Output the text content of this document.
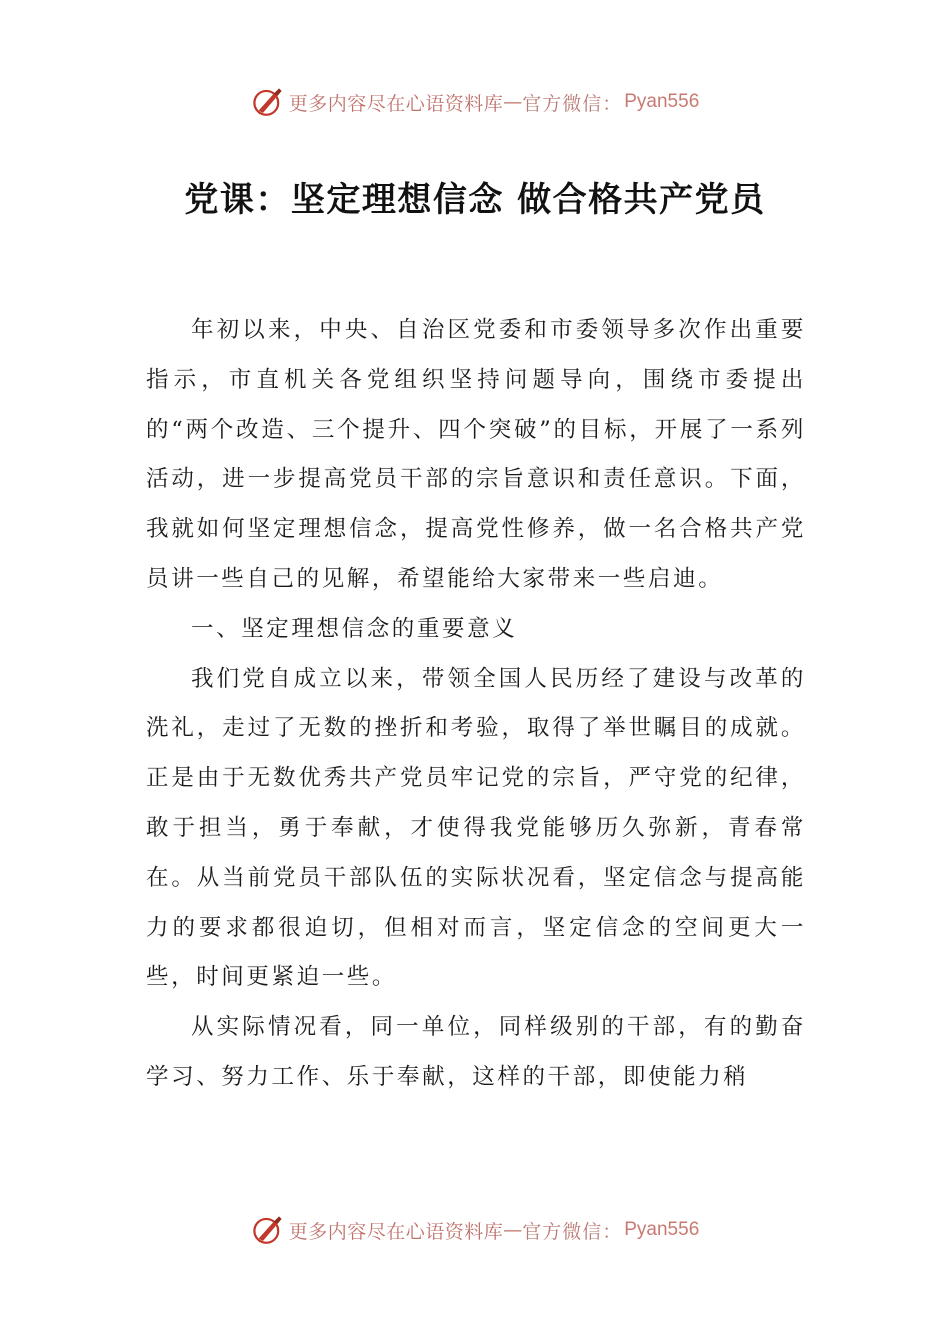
更多内容尽在心语资料库 — 官方微信： Pyan556
党课：坚定理想信念 做合格共产党员

年初以来，中央、自治区党委和市委领导多次作出重要指示，市直机关各党组织坚持问题导向，围绕市委提出的“两个改造、三个提升、四个突破”的目标，开展了一系列活动，进一步提高党员干部的宗旨意识和责任意识。下面，我就如何坚定理想信念，提高党性修养，做一名合格共产党员讲一些自己的见解，希望能给大家带来一些启迪。

一、坚定理想信念的重要意义

我们党自成立以来，带领全国人民历经了建设与改革的洗礼，走过了无数的挫折和考验，取得了举世瞩目的成就。正是由于无数优秀共产党员牢记党的宗旨，严守党的纪律，敢于担当，勇于奉献，才使得我党能够历久弥新，青春常在。从当前党员干部队伍的实际状况看，坚定信念与提高能力的要求都很迫切，但相对而言，坚定信念的空间更大一些，时间更紧迫一些。

从实际情况看，同一单位，同样级别的干部，有的勤奋学习、努力工作、乐于奉献，这样的干部，即使能力稍

更多内容尽在心语资料库 — 官方微信： Pyan556
